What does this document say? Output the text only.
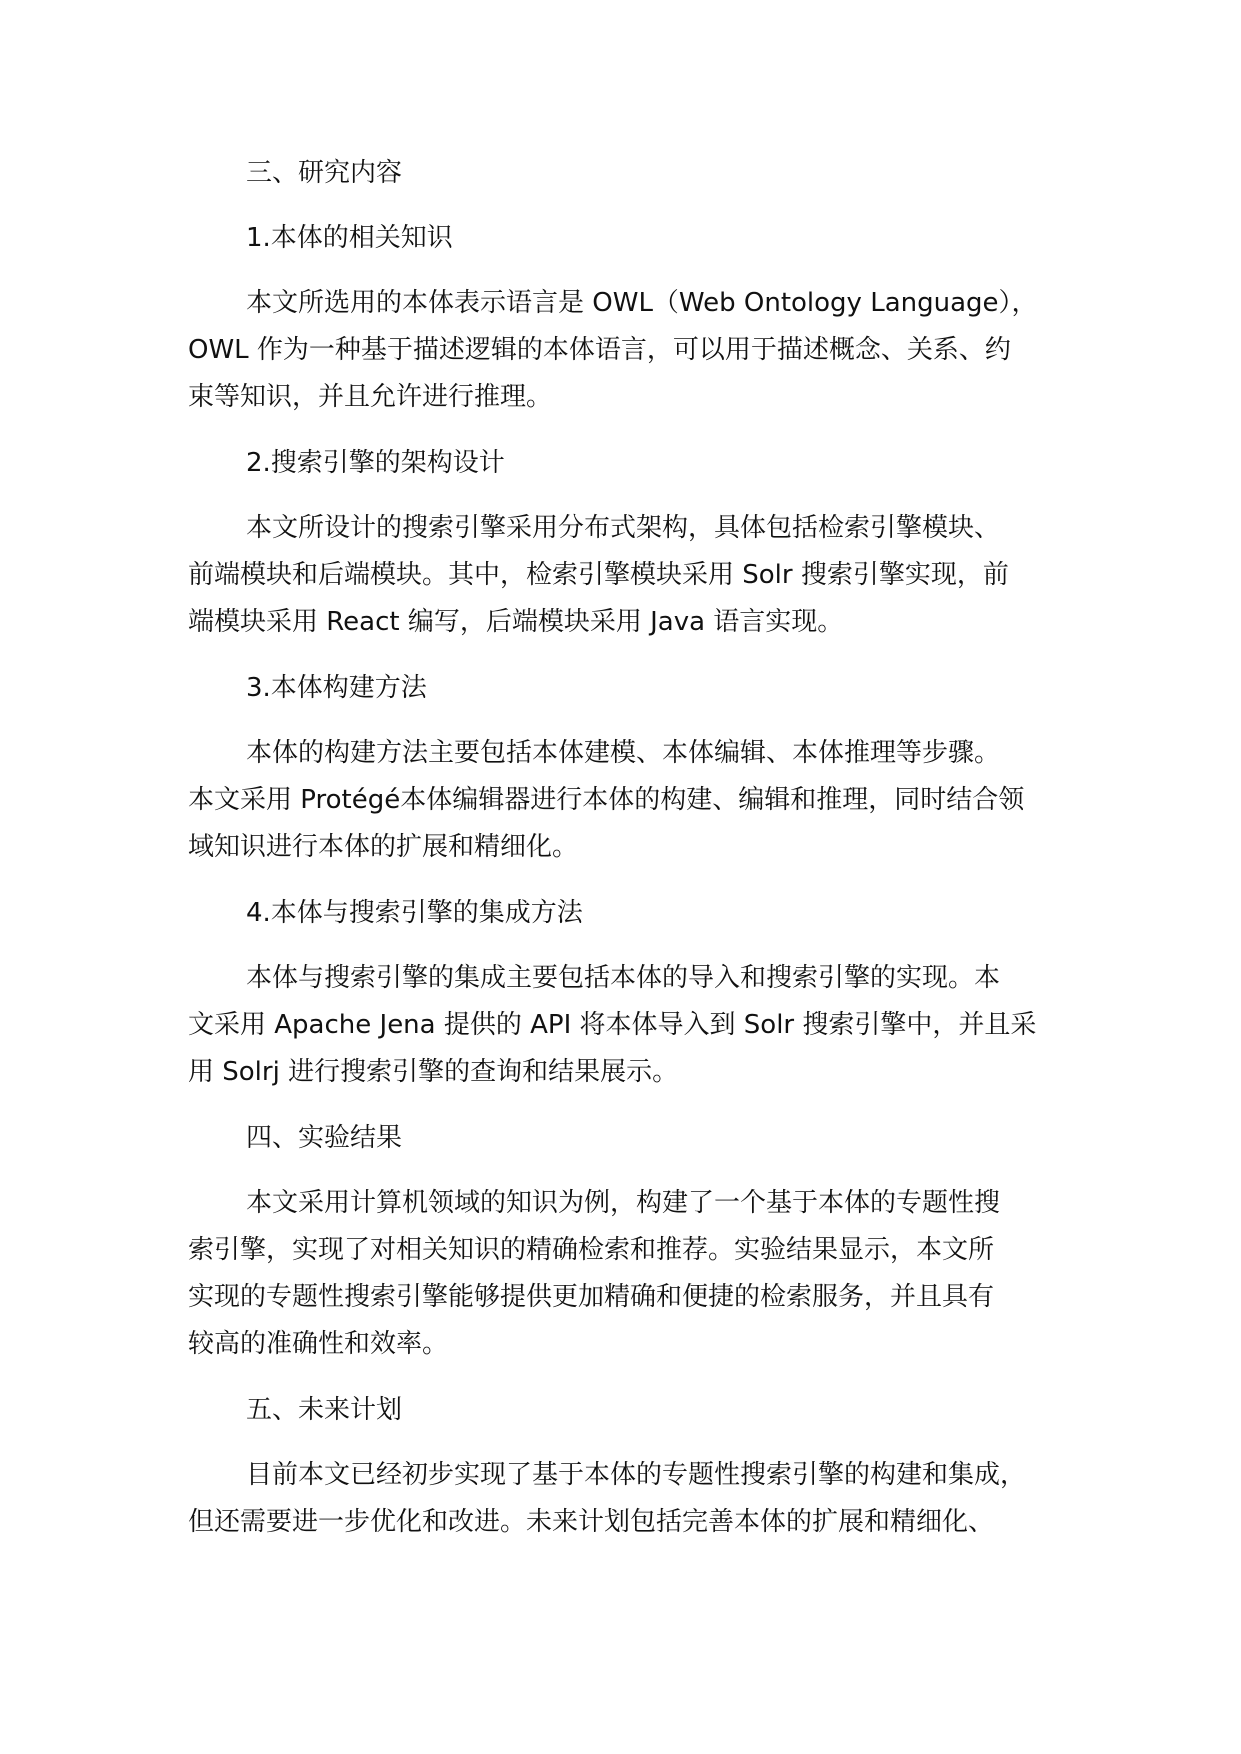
三、研究内容

1.本体的相关知识

本文所选用的本体表示语言是 OWL（Web Ontology Language），
OWL 作为一种基于描述逻辑的本体语言，可以用于描述概念、关系、约
束等知识，并且允许进行推理。

2.搜索引擎的架构设计

本文所设计的搜索引擎采用分布式架构，具体包括检索引擎模块、
前端模块和后端模块。其中，检索引擎模块采用 Solr 搜索引擎实现，前
端模块采用 React 编写，后端模块采用 Java 语言实现。

3.本体构建方法

本体的构建方法主要包括本体建模、本体编辑、本体推理等步骤。
本文采用 Protégé本体编辑器进行本体的构建、编辑和推理，同时结合领
域知识进行本体的扩展和精细化。

4.本体与搜索引擎的集成方法

本体与搜索引擎的集成主要包括本体的导入和搜索引擎的实现。本
文采用 Apache Jena 提供的 API 将本体导入到 Solr 搜索引擎中，并且采
用 Solrj 进行搜索引擎的查询和结果展示。

四、实验结果

本文采用计算机领域的知识为例，构建了一个基于本体的专题性搜
索引擎，实现了对相关知识的精确检索和推荐。实验结果显示，本文所
实现的专题性搜索引擎能够提供更加精确和便捷的检索服务，并且具有
较高的准确性和效率。

五、未来计划

目前本文已经初步实现了基于本体的专题性搜索引擎的构建和集成，
但还需要进一步优化和改进。未来计划包括完善本体的扩展和精细化、
